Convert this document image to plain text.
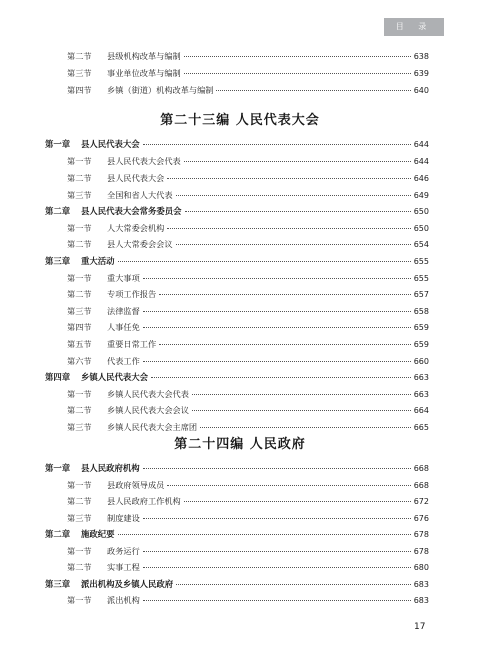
目 录
第二节	县级机构改革与编制	638
第三节	事业单位改革与编制	639
第四节	乡镇（街道）机构改革与编制	640
第二十三编 人民代表大会
第一章	县人民代表大会	644
第一节	县人民代表大会代表	644
第二节	县人民代表大会	646
第三节	全国和省人大代表	649
第二章	县人民代表大会常务委员会	650
第一节	人大常委会机构	650
第二节	县人大常委会会议	654
第三章	重大活动	655
第一节	重大事项	655
第二节	专项工作报告	657
第三节	法律监督	658
第四节	人事任免	659
第五节	重要日常工作	659
第六节	代表工作	660
第四章	乡镇人民代表大会	663
第一节	乡镇人民代表大会代表	663
第二节	乡镇人民代表大会会议	664
第三节	乡镇人民代表大会主席团	665
第二十四编 人民政府
第一章	县人民政府机构	668
第一节	县政府领导成员	668
第二节	县人民政府工作机构	672
第三节	制度建设	676
第二章	施政纪要	678
第一节	政务运行	678
第二节	实事工程	680
第三章	派出机构及乡镇人民政府	683
第一节	派出机构	683
17
